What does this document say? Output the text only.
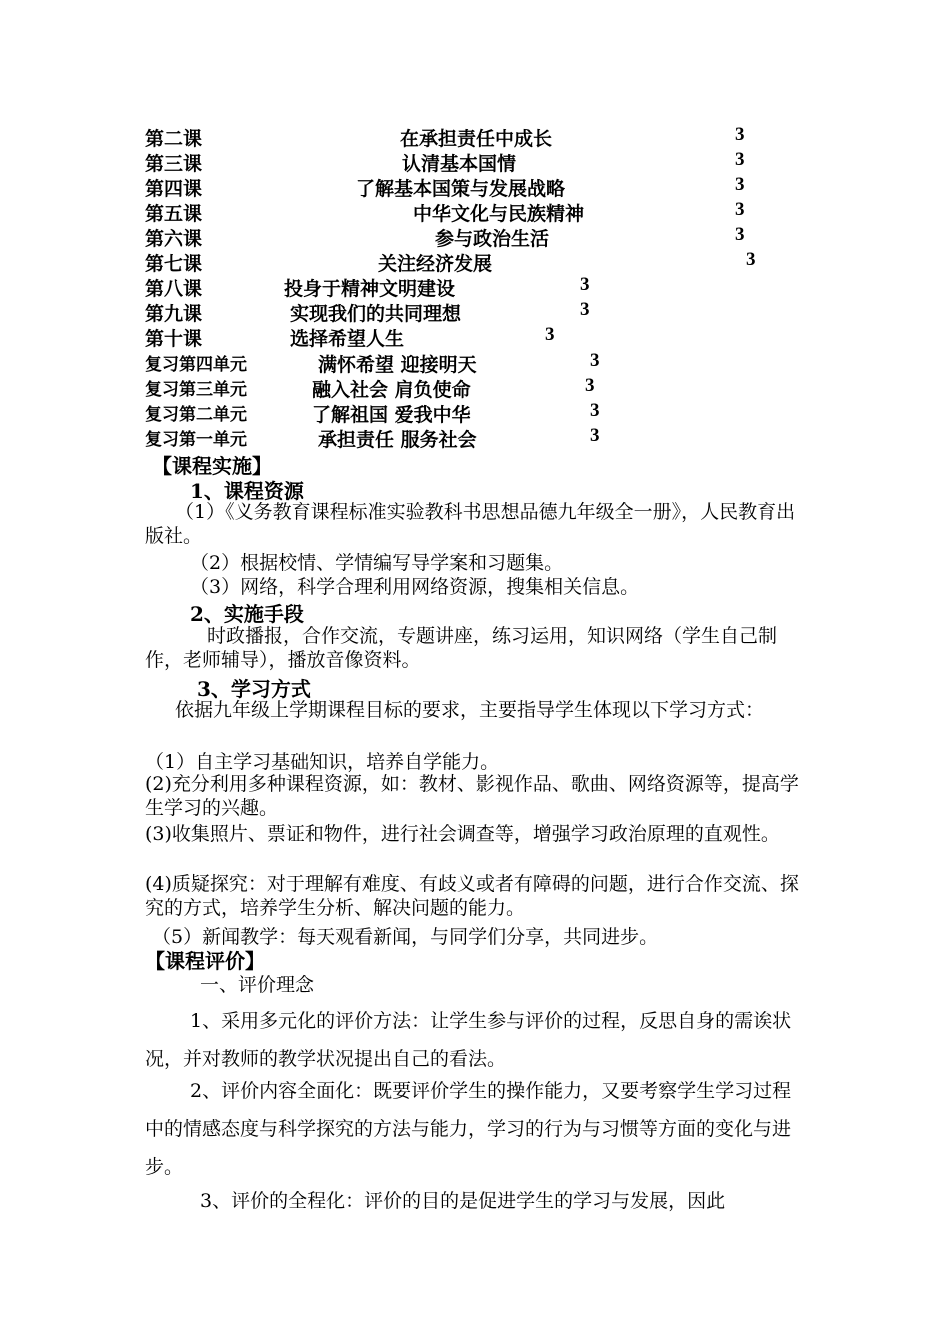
第二课	在承担责任中成长	3
第三课	认清基本国情	3
第四课	了解基本国策与发展战略	3
第五课	中华文化与民族精神	3
第六课	参与政治生活	3
第七课	关注经济发展	3
第八课	投身于精神文明建设	3
第九课	实现我们的共同理想	3
第十课	选择希望人生	3
复习第四单元	满怀希望 迎接明天	3
复习第三单元	融入社会 肩负使命	3
复习第二单元	了解祖国 爱我中华	3
复习第一单元	承担责任 服务社会	3
【课程实施】
1、课程资源
（1）《义务教育课程标准实验教科书思想品德九年级全一册》，人民教育出版社。
（2）根据校情、学情编写导学案和习题集。
（3）网络，科学合理利用网络资源，搜集相关信息。
2、实施手段
时政播报，合作交流，专题讲座，练习运用，知识网络（学生自己制作，老师辅导），播放音像资料。
3、学习方式
依据九年级上学期课程目标的要求，主要指导学生体现以下学习方式：
（1）自主学习基础知识，培养自学能力。
(2)充分利用多种课程资源，如：教材、影视作品、歌曲、网络资源等，提高学生学习的兴趣。
(3)收集照片、票证和物件，进行社会调查等，增强学习政治原理的直观性。
(4)质疑探究：对于理解有难度、有歧义或者有障碍的问题，进行合作交流、探究的方式，培养学生分析、解决问题的能力。
（5）新闻教学：每天观看新闻，与同学们分享，共同进步。
【课程评价】
一、评价理念
1、采用多元化的评价方法：让学生参与评价的过程，反思自身的需诶状况，并对教师的教学状况提出自己的看法。
2、评价内容全面化：既要评价学生的操作能力，又要考察学生学习过程中的情感态度与科学探究的方法与能力，学习的行为与习惯等方面的变化与进步。
3、评价的全程化：评价的目的是促进学生的学习与发展，因此
